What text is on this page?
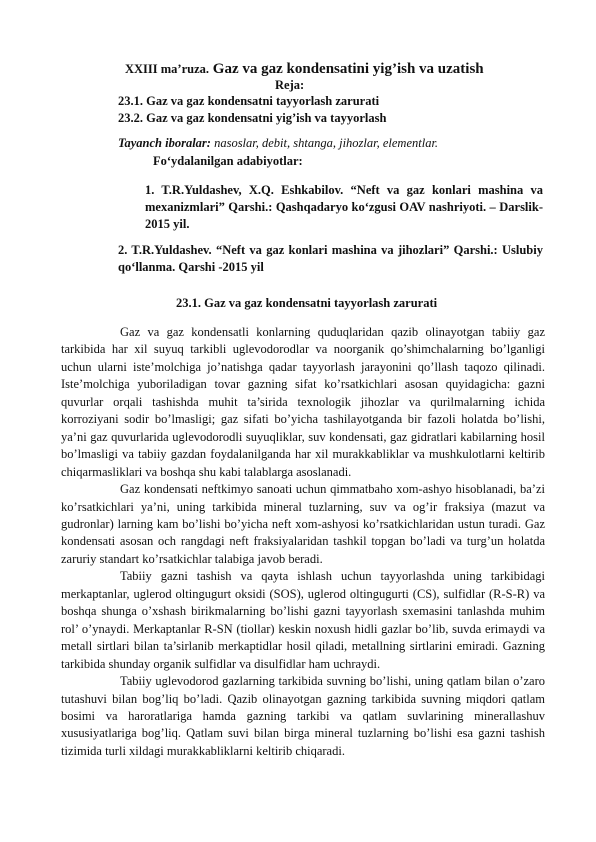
XXIII ma’ruza. Gaz va gaz kondensatini yig’ish va uzatish
Reja:
23.1. Gaz va gaz kondensatni tayyorlash zarurati
23.2. Gaz va gaz kondensatni yig’ish va tayyorlash
Tayanch iboralar: nasoslar, debit, shtanga, jihozlar, elementlar.
Foʻydalanilgan adabiyotlar:
1. T.R.Yuldashev, X.Q. Eshkabilov. “Neft va gaz konlari mashina va mexanizmlari” Qarshi.: Qashqadaryo koʻzgusi OAV nashriyoti. – Darslik-2015 yil.
2. T.R.Yuldashev. “Neft va gaz konlari mashina va jihozlari” Qarshi.: Uslubiy qoʻllanma. Qarshi -2015 yil
23.1. Gaz va gaz kondensatni tayyorlash zarurati

Gaz va gaz kondensatli konlarning quduqlaridan qazib olinayotgan tabiiy gaz tarkibida har xil suyuq tarkibli uglevodorodlar va noorganik qo’shimchalarning bo’lganligi uchun ularni iste’molchiga jo’natishga qadar tayyorlash jarayonini qo’llash taqozo qilinadi. Iste’molchiga yuboriladigan tovar gazning sifat ko’rsatkichlari asosan quyidagicha: gazni quvurlar orqali tashishda muhit ta’sirida texnologik jihozlar va qurilmalarning ichida korroziyani sodir bo’lmasligi; gaz sifati bo’yicha tashilayotganda bir fazoli holatda bo’lishi, ya’ni gaz quvurlarida uglevodorodli suyuqliklar, suv kondensati, gaz gidratlari kabilarning hosil bo’lmasligi va tabiiy gazdan foydalanilganda har xil murakkabliklar va mushkulotlarni keltirib chiqarmasliklari va boshqa shu kabi talablarga asoslanadi.

Gaz kondensati neftkimyo sanoati uchun qimmatbaho xom-ashyo hisoblanadi, ba’zi ko’rsatkichlari ya’ni, uning tarkibida mineral tuzlarning, suv va og’ir fraksiya (mazut va gudronlar) larning kam bo’lishi bo’yicha neft xom-ashyosi ko’rsatkichlaridan ustun turadi. Gaz kondensati asosan och rangdagi neft fraksiyalaridan tashkil topgan bo’ladi va turg’un holatda zaruriy standart ko’rsatkichlar talabiga javob beradi.

Tabiiy gazni tashish va qayta ishlash uchun tayyorlashda uning tarkibidagi merkaptanlar, uglerod oltingugurt oksidi (SOS), uglerod oltingugurti (CS), sulfidlar (R-S-R) va boshqa shunga o’xshash birikmalarning bo’lishi gazni tayyorlash sxemasini tanlashda muhim rol’ o’ynaydi. Merkaptanlar R-SN (tiollar) keskin noxush hidli gazlar bo’lib, suvda erimaydi va metall sirtlari bilan ta’sirlanib merkaptidlar hosil qiladi, metallning sirtlarini emiradi. Gazning tarkibida shunday organik sulfidlar va disulfidlar ham uchraydi.

Tabiiy uglevodorod gazlarning tarkibida suvning bo’lishi, uning qatlam bilan o’zaro tutashuvi bilan bog’liq bo’ladi. Qazib olinayotgan gazning tarkibida suvning miqdori qatlam bosimi va haroratlariga hamda gazning tarkibi va qatlam suvlarining minerallashuv xususiyatlariga bog’liq. Qatlam suvi bilan birga mineral tuzlarning bo’lishi esa gazni tashish tizimida turli xildagi murakkabliklarni keltirib chiqaradi.
